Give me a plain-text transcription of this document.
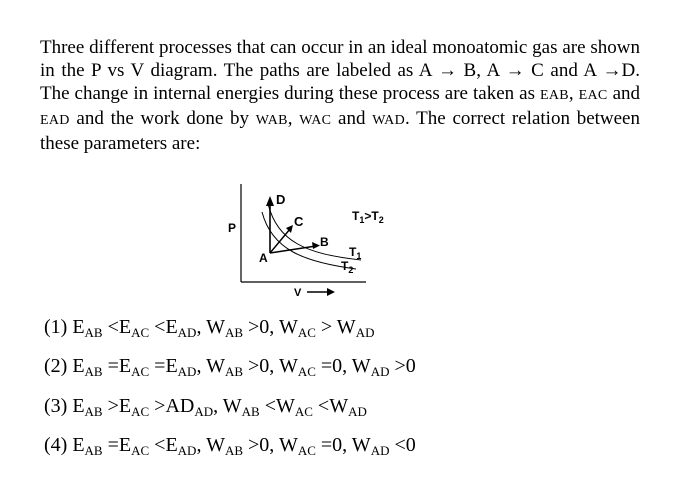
Three different processes that can occur in an ideal monoatomic gas are shown in the P vs V diagram. The paths are labeled as A → B, A → C and A →D. The change in internal energies during these process are taken as EAB, EAC and EAD and the work done by WAB, WAC and WAD. The correct relation between these parameters are:
P
V
D
C
B
A	$T_1$
$T_2$
$T_1>T_2$
(1) $E_{AB} <E_{AC} <E_{AD}$, $W_{AB} >0$, $W_{AC} > W_{AD}$
(2) $E_{AB} =E_{AC} =E_{AD}$, $W_{AB} >0$, $W_{AC} =0$, $W_{AD} >0$
(3) $E_{AB} >E_{AC} >AD_{AD}$, $W_{AB} <W_{AC} <W_{AD}$
(4) $E_{AB} =E_{AC} <E_{AD}$, $W_{AB} >0$, $W_{AC} =0$, $W_{AD} <0$
